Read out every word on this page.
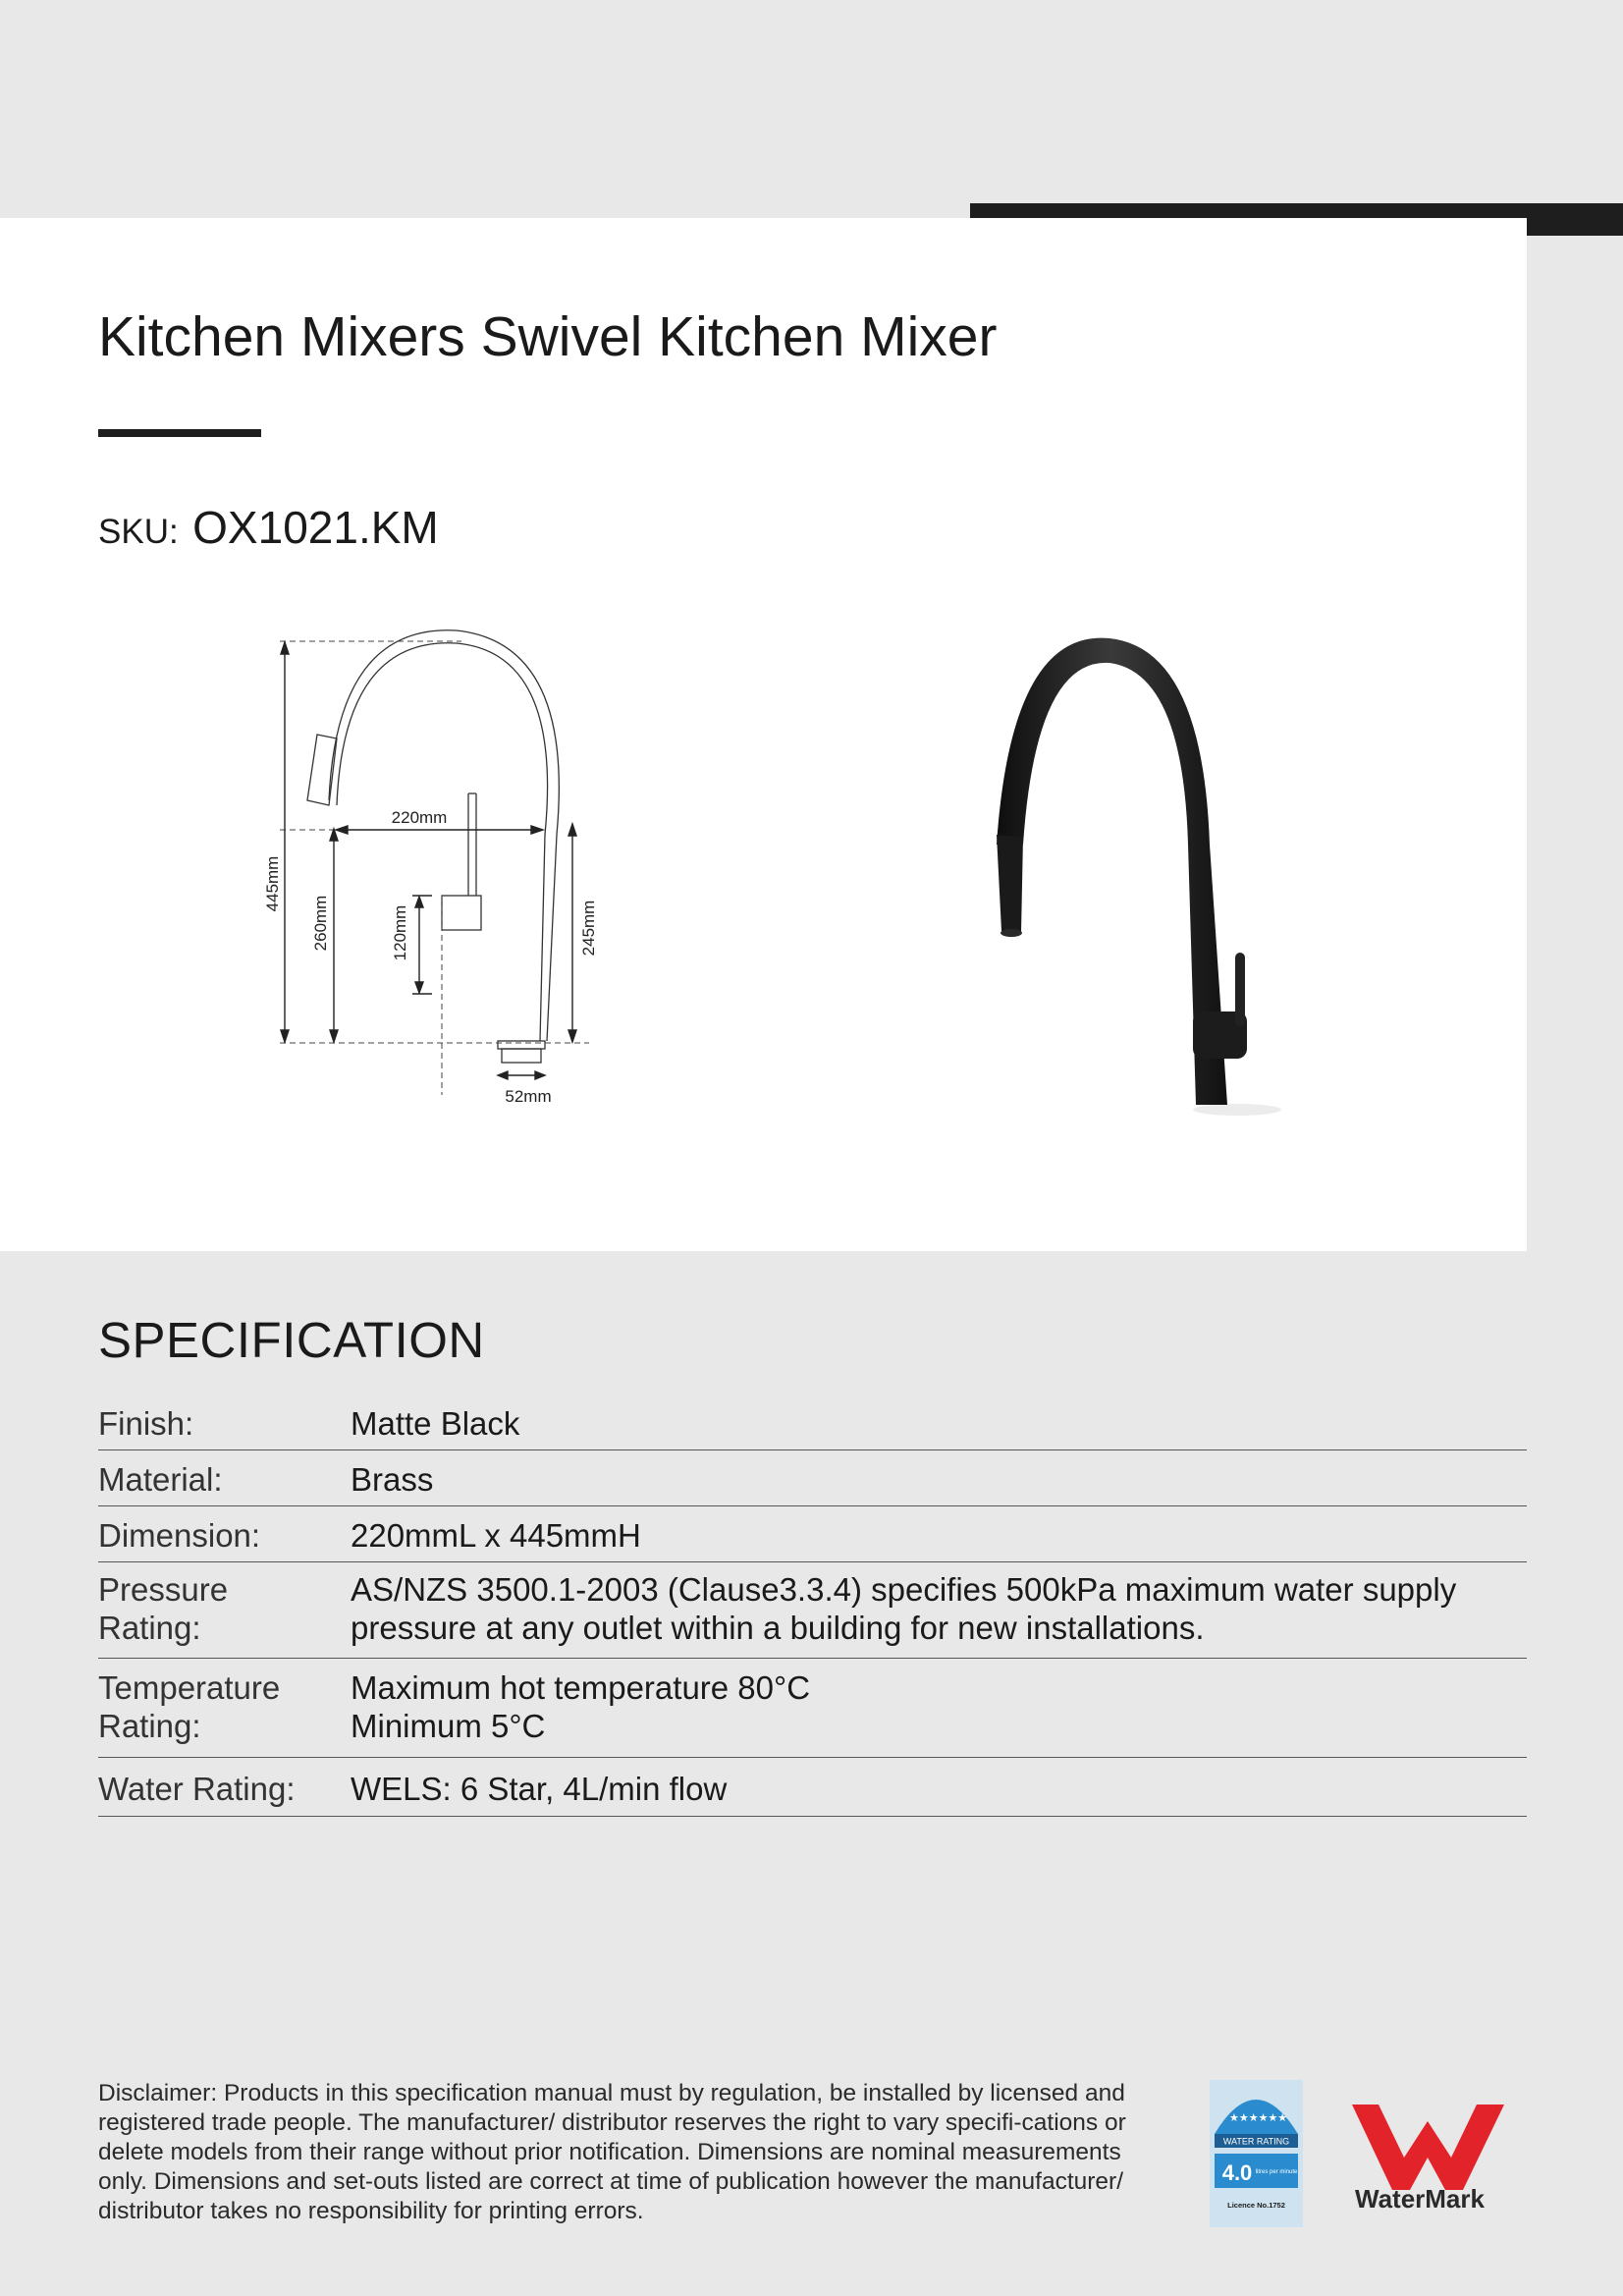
Kitchen Mixers Swivel Kitchen Mixer
SKU: OX1021.KM
445mm
260mm	120mm	245mm
220mm
52mm
SPECIFICATION
Finish:	Matte Black
Material:	Brass
Dimension:	220mmL x 445mmH
Pressure Rating:
AS/NZS 3500.1-2003 (Clause3.3.4) specifies 500kPa maximum water supply pressure at any outlet within a building for new installations.
Temperature Rating:
Maximum hot temperature 80°C
Minimum 5°C
Water Rating:	WELS: 6 Star, 4L/min flow

Disclaimer: Products in this specification manual must by regulation, be installed by licensed and registered trade people. The manufacturer/ distributor reserves the right to vary specifi-cations or delete models from their range without prior notification. Dimensions are nominal measurements only. Dimensions and set-outs listed are correct at time of publication however the manufacturer/ distributor takes no responsibility for printing errors.

★★★★★★
WATER RATING
4.0 litres per minute
Licence No.1752	WaterMark
